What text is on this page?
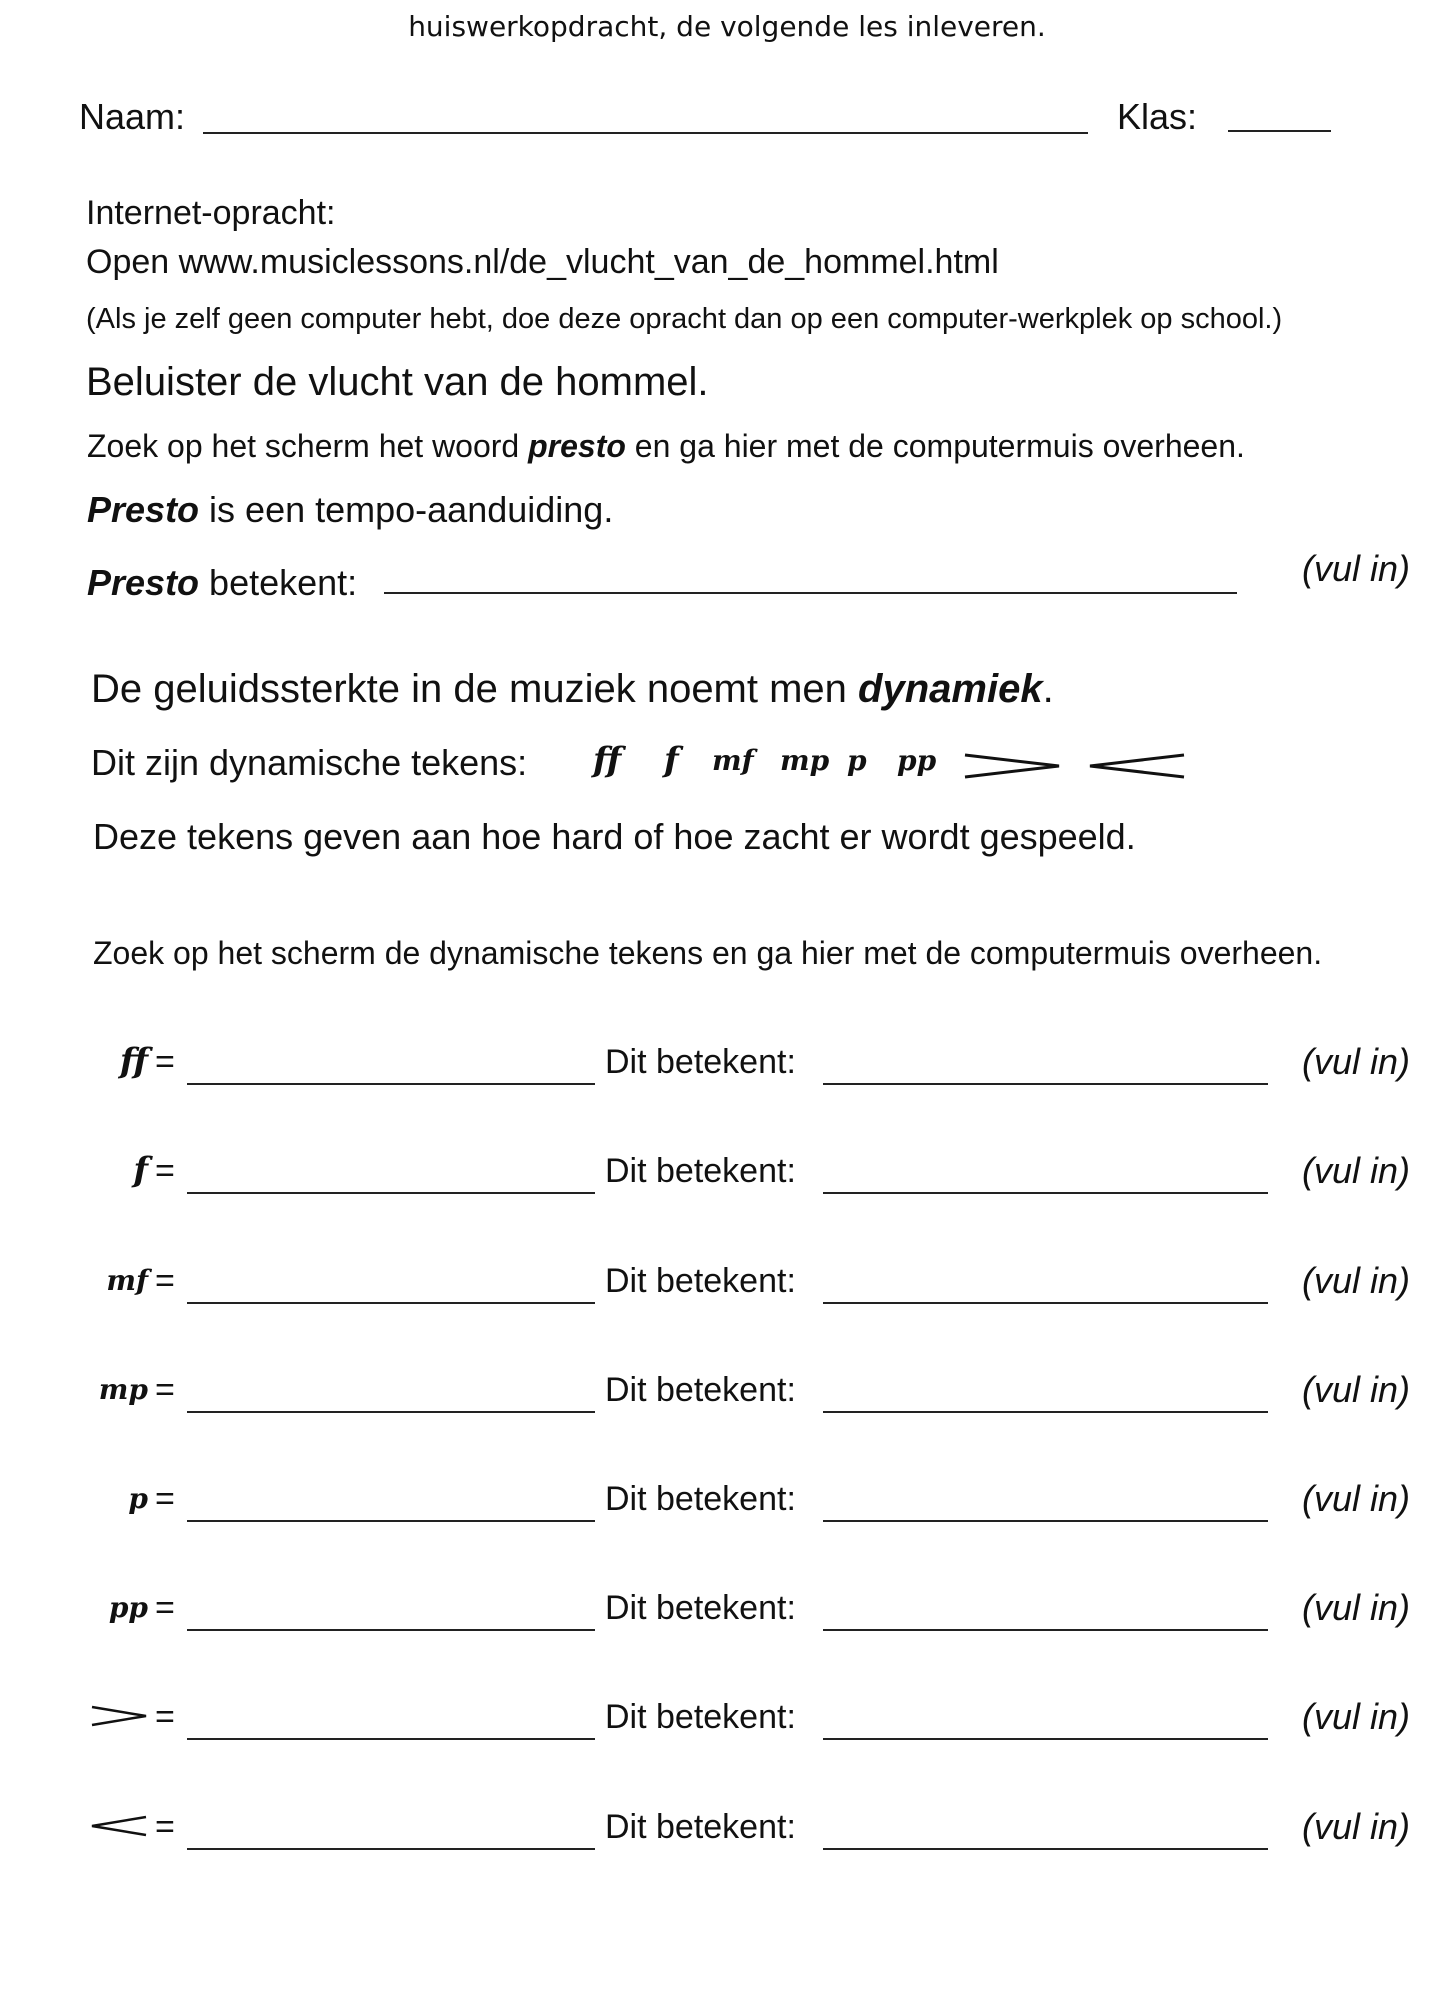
huiswerkopdracht, de volgende les inleveren.
Naam:	Klas:
Internet-opracht:
Open www.musiclessons.nl/de_vlucht_van_de_hommel.html
(Als je zelf geen computer hebt, doe deze opracht dan op een computer-werkplek op school.)
Beluister de vlucht van de hommel.
Zoek op het scherm het woord presto en ga hier met de computermuis overheen.
Presto is een tempo-aanduiding.
Presto betekent:	(vul in)
De geluidssterkte in de muziek noemt men dynamiek.
Dit zijn dynamische tekens: ff f mf mp p pp
Deze tekens geven aan hoe hard of hoe zacht er wordt gespeeld.
Zoek op het scherm de dynamische tekens en ga hier met de computermuis overheen.
ff =	Dit betekent:	(vul in)
f =	Dit betekent:	(vul in)
mf =	Dit betekent:	(vul in)
mp =	Dit betekent:	(vul in)
p =	Dit betekent:	(vul in)
pp =	Dit betekent:	(vul in)
=	Dit betekent:	(vul in)
=	Dit betekent:	(vul in)
